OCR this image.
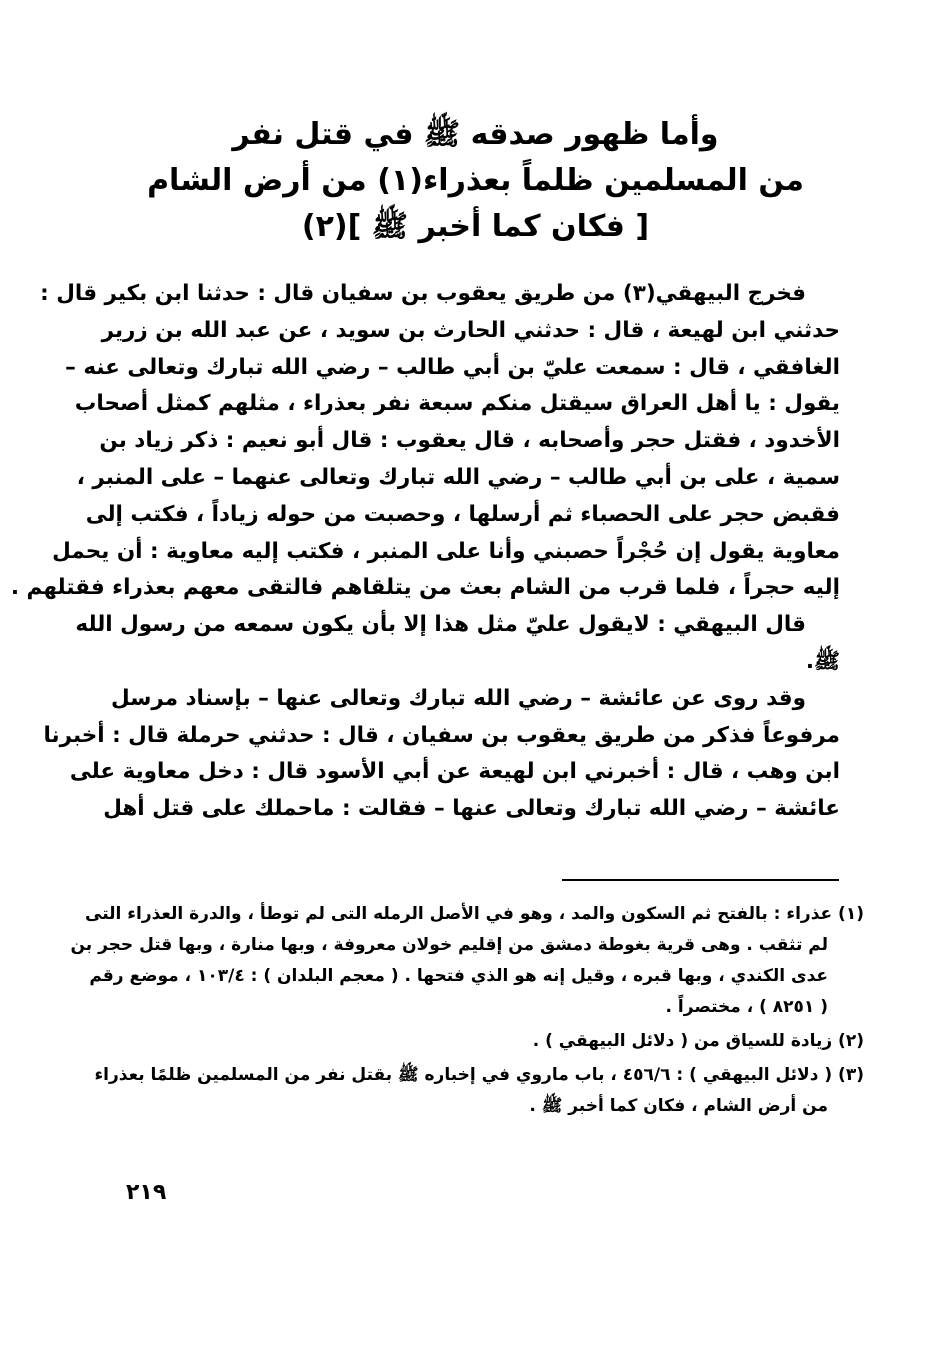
وأما ظهور صدقه ﷺ في قتل نفر
من المسلمين ظلماً بعذراء(١) من أرض الشام
[ فكان كما أخبر ﷺ ](٢)
فخرج البيهقي(٣) من طريق يعقوب بن سفيان قال : حدثنا ابن بكير قال :
حدثني ابن لهيعة ، قال : حدثني الحارث بن سويد ، عن عبد الله بن زرير
الغافقي ، قال : سمعت عليّ بن أبي طالب – رضي الله تبارك وتعالى عنه –
يقول : يا أهل العراق سيقتل منكم سبعة نفر بعذراء ، مثلهم كمثل أصحاب
الأخدود ، فقتل حجر وأصحابه ، قال يعقوب : قال أبو نعيم : ذكر زياد بن
سمية ، على بن أبي طالب – رضي الله تبارك وتعالى عنهما – على المنبر ،
فقبض حجر على الحصباء ثم أرسلها ، وحصبت من حوله زياداً ، فكتب إلى
معاوية يقول إن حُجْراً حصبني وأنا على المنبر ، فكتب إليه معاوية : أن يحمل
إليه حجراً ، فلما قرب من الشام بعث من يتلقاهم فالتقى معهم بعذراء فقتلهم .
قال البيهقي : لايقول عليّ مثل هذا إلا بأن يكون سمعه من رسول الله
ﷺ.
وقد روى عن عائشة – رضي الله تبارك وتعالى عنها – بإسناد مرسل
مرفوعاً فذكر من طريق يعقوب بن سفيان ، قال : حدثني حرملة قال : أخبرنا
ابن وهب ، قال : أخبرني ابن لهيعة عن أبي الأسود قال : دخل معاوية على
عائشة – رضي الله تبارك وتعالى عنها – فقالت : ماحملك على قتل أهل
(١) عذراء : بالفتح ثم السكون والمد ، وهو في الأصل الرمله التى لم توطأ ، والدرة العذراء التى
لم تثقب . وهى قرية بغوطة دمشق من إقليم خولان معروفة ، وبها منارة ، وبها قتل حجر بن
عدى الكندي ، وبها قبره ، وقيل إنه هو الذي فتحها . ( معجم البلدان ) : ١٠٣/٤ ، موضع رقم
( ٨٢٥١ ) ، مختصراً .
(٢) زيادة للسياق من ( دلائل البيهقي ) .
(٣) ( دلائل البيهقي ) : ٤٥٦/٦ ، باب ماروي في إخباره ﷺ بقتل نفر من المسلمين ظلمًا بعذراء
من أرض الشام ، فكان كما أخبر ﷺ .
٢١٩
